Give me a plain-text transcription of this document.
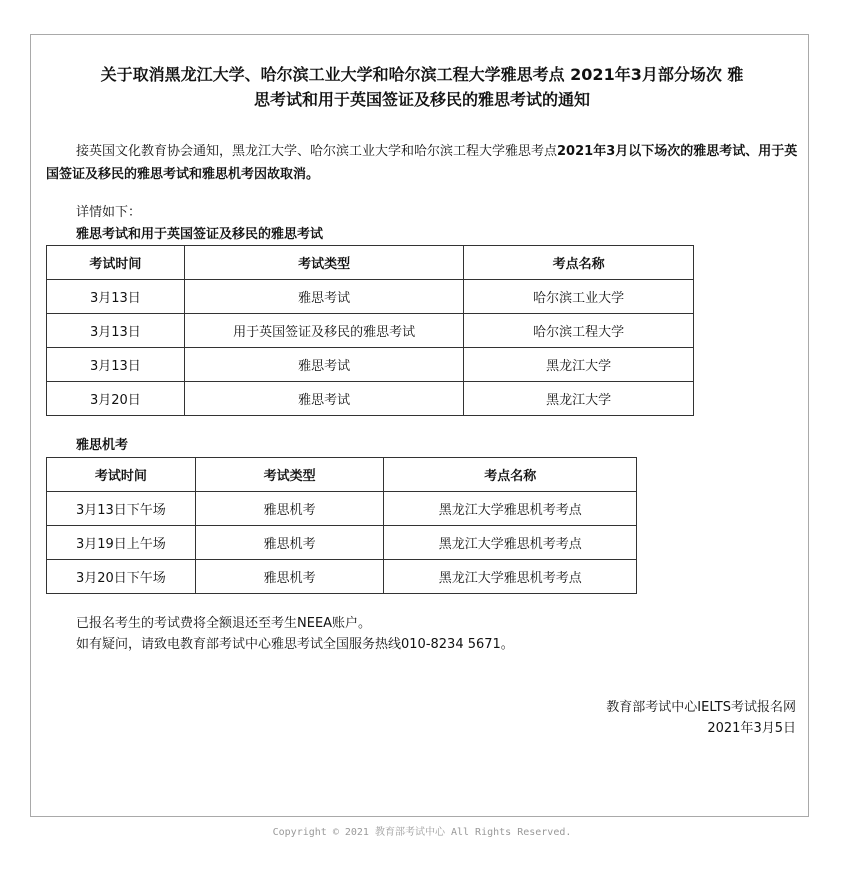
关于取消黑龙江大学、哈尔滨工业大学和哈尔滨工程大学雅思考点 2021年3月部分场次 雅
思考试和用于英国签证及移民的雅思考试的通知
接英国文化教育协会通知，黑龙江大学、哈尔滨工业大学和哈尔滨工程大学雅思考点2021年3月以下场次的雅思考试、用于英国签证及移民的雅思考试和雅思机考因故取消。
详情如下：
雅思考试和用于英国签证及移民的雅思考试
考试时间	考试类型	考点名称
3月13日	雅思考试	哈尔滨工业大学
3月13日	用于英国签证及移民的雅思考试	哈尔滨工程大学
3月13日	雅思考试	黑龙江大学
3月20日	雅思考试	黑龙江大学
雅思机考
考试时间	考试类型	考点名称
3月13日下午场	雅思机考	黑龙江大学雅思机考考点
3月19日上午场	雅思机考	黑龙江大学雅思机考考点
3月20日下午场	雅思机考	黑龙江大学雅思机考考点
已报名考生的考试费将全额退还至考生NEEA账户。
如有疑问，请致电教育部考试中心雅思考试全国服务热线010-8234 5671。
教育部考试中心IELTS考试报名网
2021年3月5日
Copyright © 2021 教育部考试中心 All Rights Reserved.
